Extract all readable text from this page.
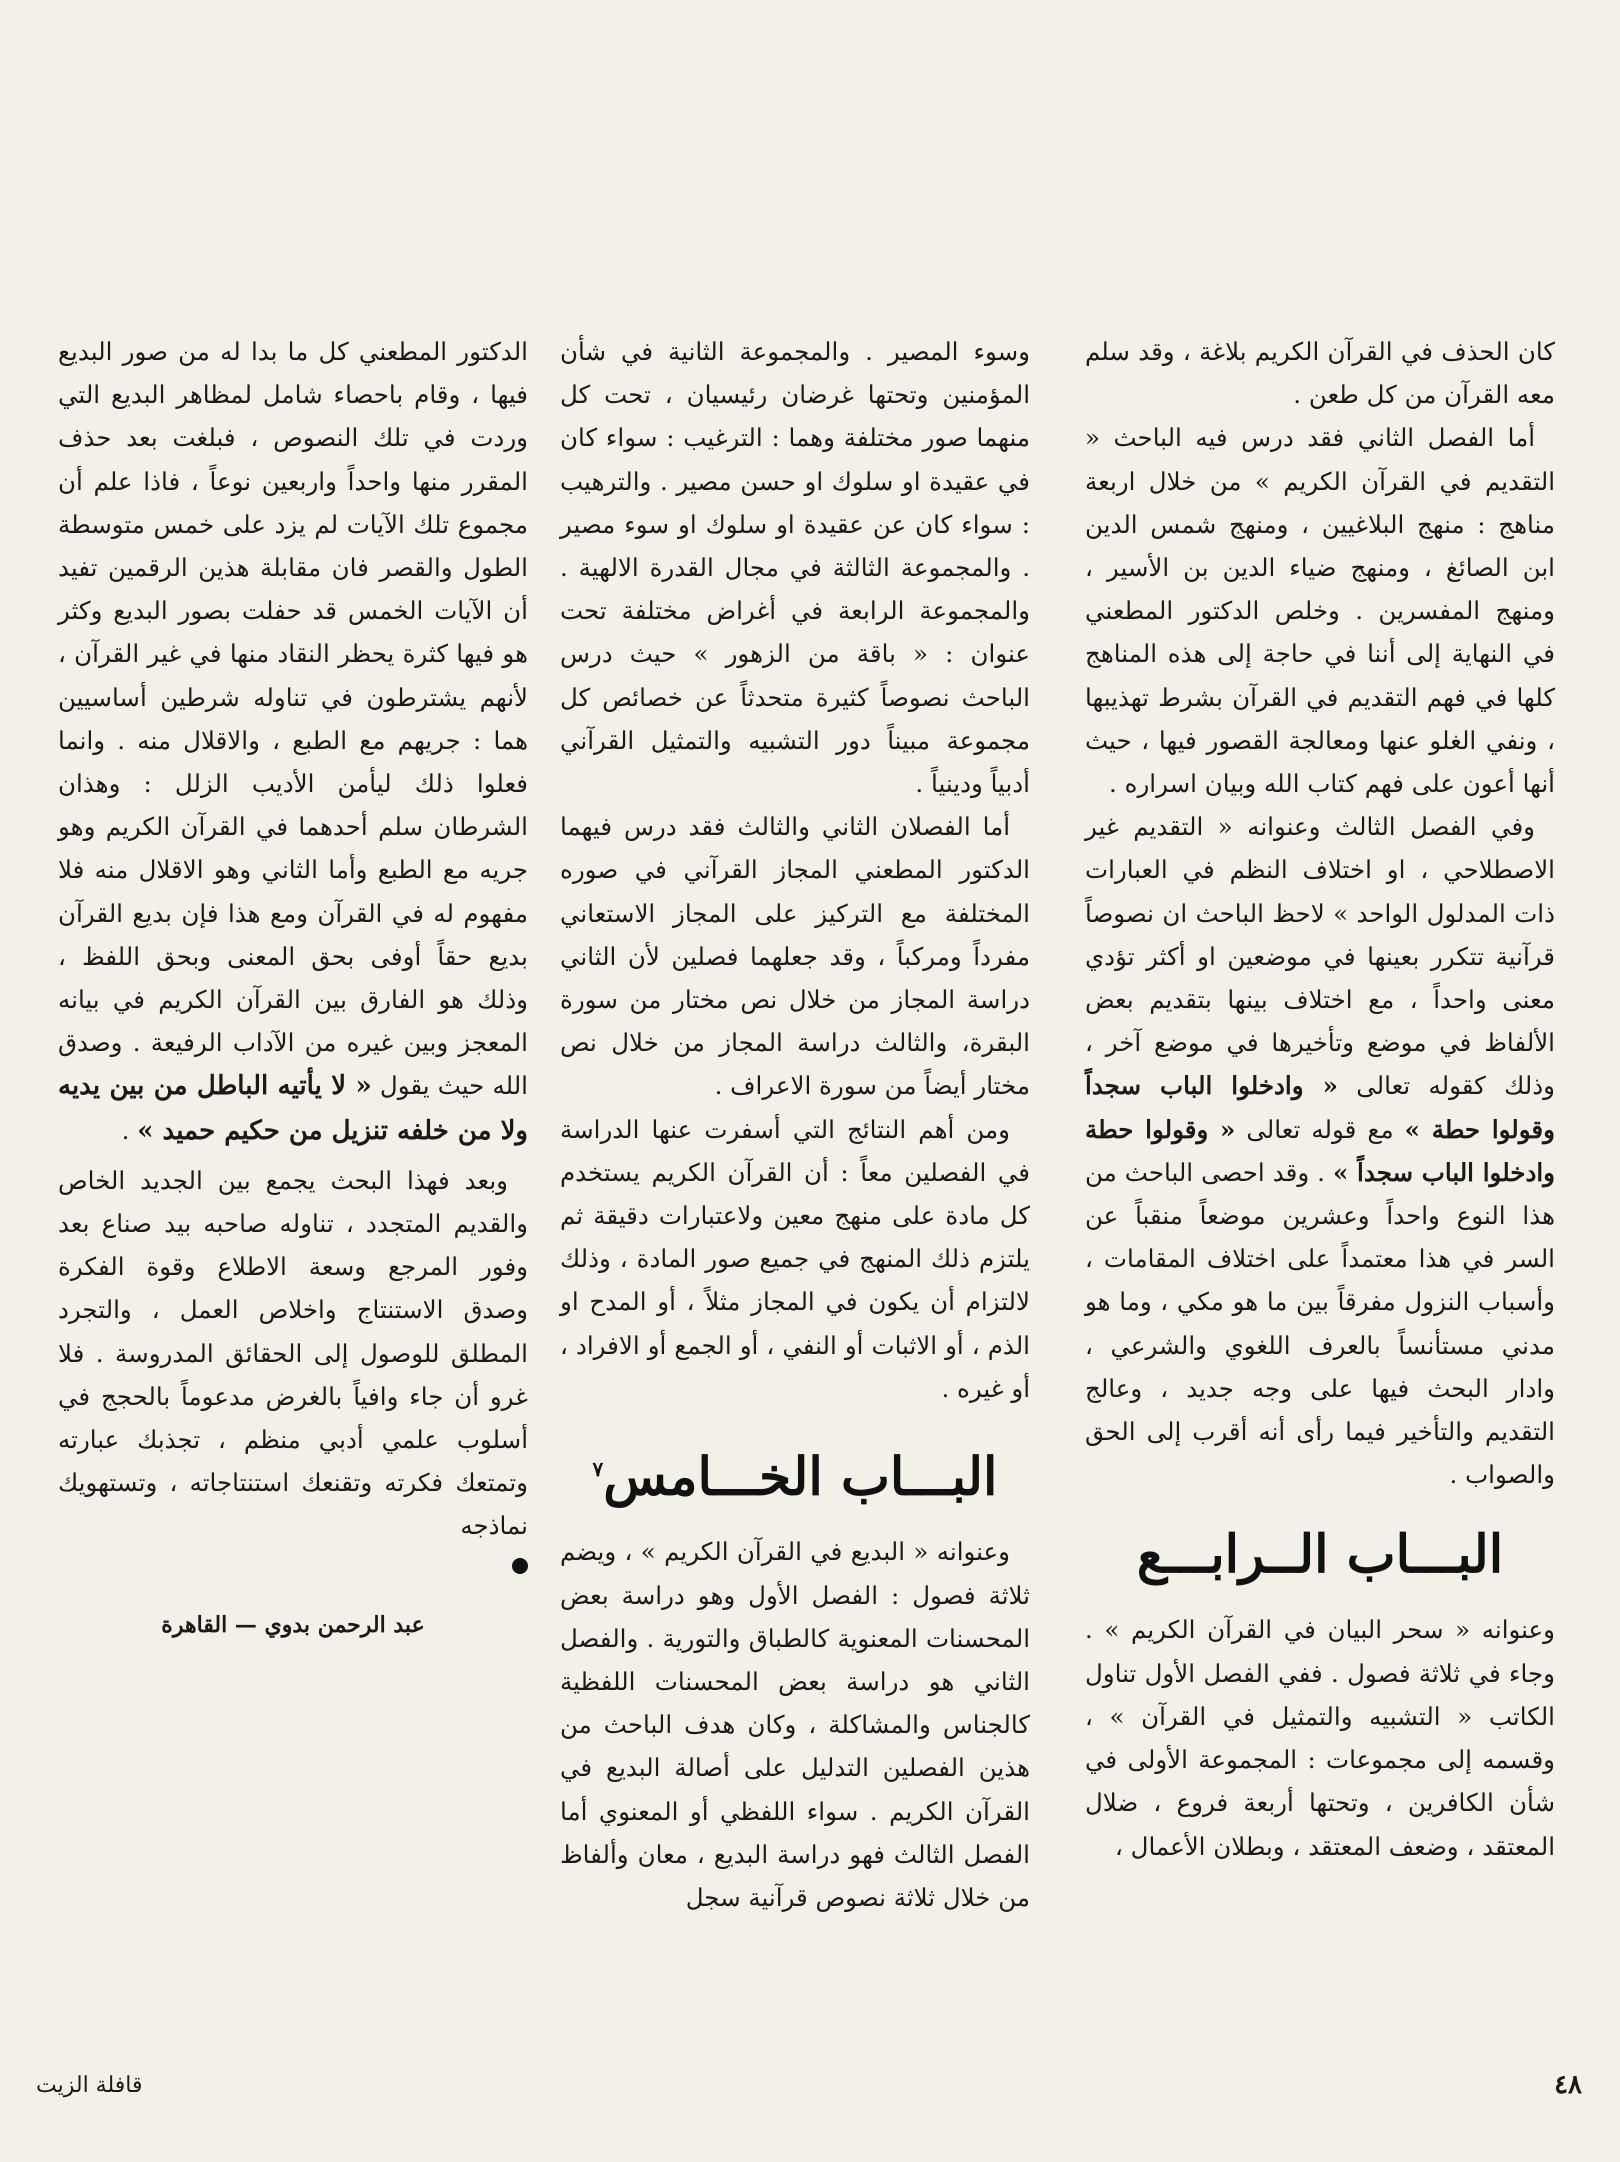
كان الحذف في القرآن الكريم بلاغة ، وقد سلم معه القرآن من كل طعن .

أما الفصل الثاني فقد درس فيه الباحث « التقديم في القرآن الكريم » من خلال اربعة مناهج : منهج البلاغيين ، ومنهج شمس الدين ابن الصائغ ، ومنهج ضياء الدين بن الأسير ، ومنهج المفسرين . وخلص الدكتور المطعني في النهاية إلى أننا في حاجة إلى هذه المناهج كلها في فهم التقديم في القرآن بشرط تهذيبها ، ونفي الغلو عنها ومعالجة القصور فيها ، حيث أنها أعون على فهم كتاب الله وبيان اسراره .

وفي الفصل الثالث وعنوانه « التقديم غير الاصطلاحي ، او اختلاف النظم في العبارات ذات المدلول الواحد » لاحظ الباحث ان نصوصاً قرآنية تتكرر بعينها في موضعين او أكثر تؤدي معنى واحداً ، مع اختلاف بينها بتقديم بعض الألفاظ في موضع وتأخيرها في موضع آخر ، وذلك كقوله تعالى « وادخلوا الباب سجداً وقولوا حطة » مع قوله تعالى « وقولوا حطة وادخلوا الباب سجداً » . وقد احصى الباحث من هذا النوع واحداً وعشرين موضعاً منقباً عن السر في هذا معتمداً على اختلاف المقامات ، وأسباب النزول مفرقاً بين ما هو مكي ، وما هو مدني مستأنساً بالعرف اللغوي والشرعي ، وادار البحث فيها على وجه جديد ، وعالج التقديم والتأخير فيما رأى أنه أقرب إلى الحق والصواب .

البـــاب الــرابـــع

وعنوانه « سحر البيان في القرآن الكريم » . وجاء في ثلاثة فصول . ففي الفصل الأول تناول الكاتب « التشبيه والتمثيل في القرآن » ، وقسمه إلى مجموعات : المجموعة الأولى في شأن الكافرين ، وتحتها أربعة فروع ، ضلال المعتقد ، وضعف المعتقد ، وبطلان الأعمال ،

وسوء المصير . والمجموعة الثانية في شأن المؤمنين وتحتها غرضان رئيسيان ، تحت كل منهما صور مختلفة وهما : الترغيب : سواء كان في عقيدة او سلوك او حسن مصير . والترهيب : سواء كان عن عقيدة او سلوك او سوء مصير . والمجموعة الثالثة في مجال القدرة الالهية . والمجموعة الرابعة في أغراض مختلفة تحت عنوان : « باقة من الزهور » حيث درس الباحث نصوصاً كثيرة متحدثاً عن خصائص كل مجموعة مبيناً دور التشبيه والتمثيل القرآني أدبياً ودينياً .

أما الفصلان الثاني والثالث فقد درس فيهما الدكتور المطعني المجاز القرآني في صوره المختلفة مع التركيز على المجاز الاستعاني مفرداً ومركباً ، وقد جعلهما فصلين لأن الثاني دراسة المجاز من خلال نص مختار من سورة البقرة، والثالث دراسة المجاز من خلال نص مختار أيضاً من سورة الاعراف .

ومن أهم النتائج التي أسفرت عنها الدراسة في الفصلين معاً : أن القرآن الكريم يستخدم كل مادة على منهج معين ولاعتبارات دقيقة ثم يلتزم ذلك المنهج في جميع صور المادة ، وذلك لالتزام أن يكون في المجاز مثلاً ، أو المدح او الذم ، أو الاثبات أو النفي ، أو الجمع أو الافراد ، أو غيره .

البـــاب الخـــامس$^٧$

وعنوانه « البديع في القرآن الكريم » ، ويضم ثلاثة فصول : الفصل الأول وهو دراسة بعض المحسنات المعنوية كالطباق والتورية . والفصل الثاني هو دراسة بعض المحسنات اللفظية كالجناس والمشاكلة ، وكان هدف الباحث من هذين الفصلين التدليل على أصالة البديع في القرآن الكريم . سواء اللفظي أو المعنوي أما الفصل الثالث فهو دراسة البديع ، معان وألفاظ من خلال ثلاثة نصوص قرآنية سجل

الدكتور المطعني كل ما بدا له من صور البديع فيها ، وقام باحصاء شامل لمظاهر البديع التي وردت في تلك النصوص ، فبلغت بعد حذف المقرر منها واحداً واربعين نوعاً ، فاذا علم أن مجموع تلك الآيات لم يزد على خمس متوسطة الطول والقصر فان مقابلة هذين الرقمين تفيد أن الآيات الخمس قد حفلت بصور البديع وكثر هو فيها كثرة يحظر النقاد منها في غير القرآن ، لأنهم يشترطون في تناوله شرطين أساسيين هما : جريهم مع الطبع ، والاقلال منه . وانما فعلوا ذلك ليأمن الأديب الزلل : وهذان الشرطان سلم أحدهما في القرآن الكريم وهو جريه مع الطبع وأما الثاني وهو الاقلال منه فلا مفهوم له في القرآن ومع هذا فإن بديع القرآن بديع حقاً أوفى بحق المعنى وبحق اللفظ ، وذلك هو الفارق بين القرآن الكريم في بيانه المعجز وبين غيره من الآداب الرفيعة . وصدق الله حيث يقول « لا يأتيه الباطل من بين يديه ولا من خلفه تنزيل من حكيم حميد » .

وبعد فهذا البحث يجمع بين الجديد الخاص والقديم المتجدد ، تناوله صاحبه بيد صناع بعد وفور المرجع وسعة الاطلاع وقوة الفكرة وصدق الاستنتاج واخلاص العمل ، والتجرد المطلق للوصول إلى الحقائق المدروسة . فلا غرو أن جاء وافياً بالغرض مدعوماً بالحجج في أسلوب علمي أدبي منظم ، تجذبك عبارته وتمتعك فكرته وتقنعك استنتاجاته ، وتستهويك نماذجه

عبد الرحمن بدوي — القاهرة
٤٨
قافلة الزيت
